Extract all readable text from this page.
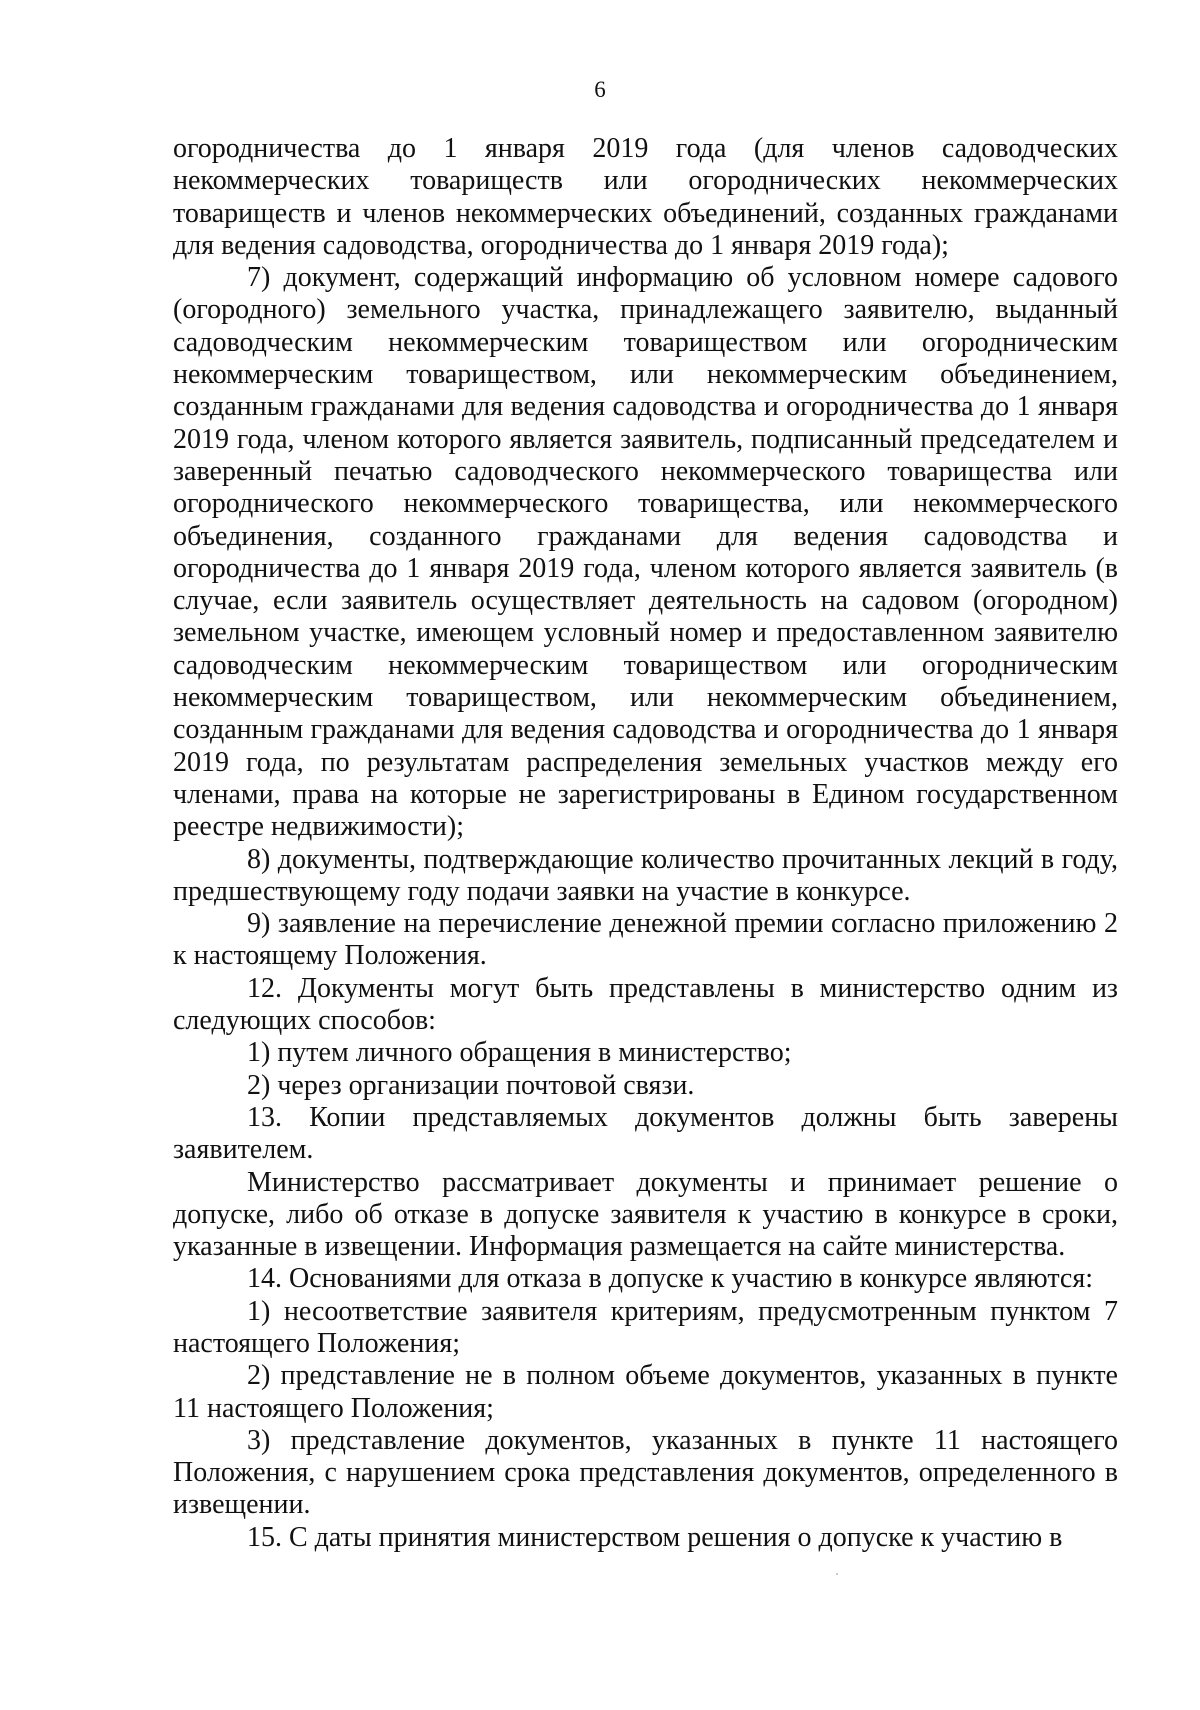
6

огородничества до 1 января 2019 года (для членов садоводческих некоммерческих товариществ или огороднических некоммерческих товариществ и членов некоммерческих объединений, созданных гражданами для ведения садоводства, огородничества до 1 января 2019 года);

7) документ, содержащий информацию об условном номере садового (огородного) земельного участка, принадлежащего заявителю, выданный садоводческим некоммерческим товариществом или огородническим некоммерческим товариществом, или некоммерческим объединением, созданным гражданами для ведения садоводства и огородничества до 1 января 2019 года, членом которого является заявитель, подписанный председателем и заверенный печатью садоводческого некоммерческого товарищества или огороднического некоммерческого товарищества, или некоммерческого объединения, созданного гражданами для ведения садоводства и огородничества до 1 января 2019 года, членом которого является заявитель (в случае, если заявитель осуществляет деятельность на садовом (огородном) земельном участке, имеющем условный номер и предоставленном заявителю садоводческим некоммерческим товариществом или огородническим некоммерческим товариществом, или некоммерческим объединением, созданным гражданами для ведения садоводства и огородничества до 1 января 2019 года, по результатам распределения земельных участков между его членами, права на которые не зарегистрированы в Едином государственном реестре недвижимости);

8) документы, подтверждающие количество прочитанных лекций в году, предшествующему году подачи заявки на участие в конкурсе.

9) заявление на перечисление денежной премии согласно приложению 2 к настоящему Положения.

12. Документы могут быть представлены в министерство одним из следующих способов:

1) путем личного обращения в министерство;

2) через организации почтовой связи.

13. Копии представляемых документов должны быть заверены заявителем.

Министерство рассматривает документы и принимает решение о допуске, либо об отказе в допуске заявителя к участию в конкурсе в сроки, указанные в извещении. Информация размещается на сайте министерства.

14. Основаниями для отказа в допуске к участию в конкурсе являются:

1) несоответствие заявителя критериям, предусмотренным пунктом 7 настоящего Положения;

2) представление не в полном объеме документов, указанных в пункте 11 настоящего Положения;

3) представление документов, указанных в пункте 11 настоящего Положения, с нарушением срока представления документов, определенного в извещении.

15. С даты принятия министерством решения о допуске к участию в
